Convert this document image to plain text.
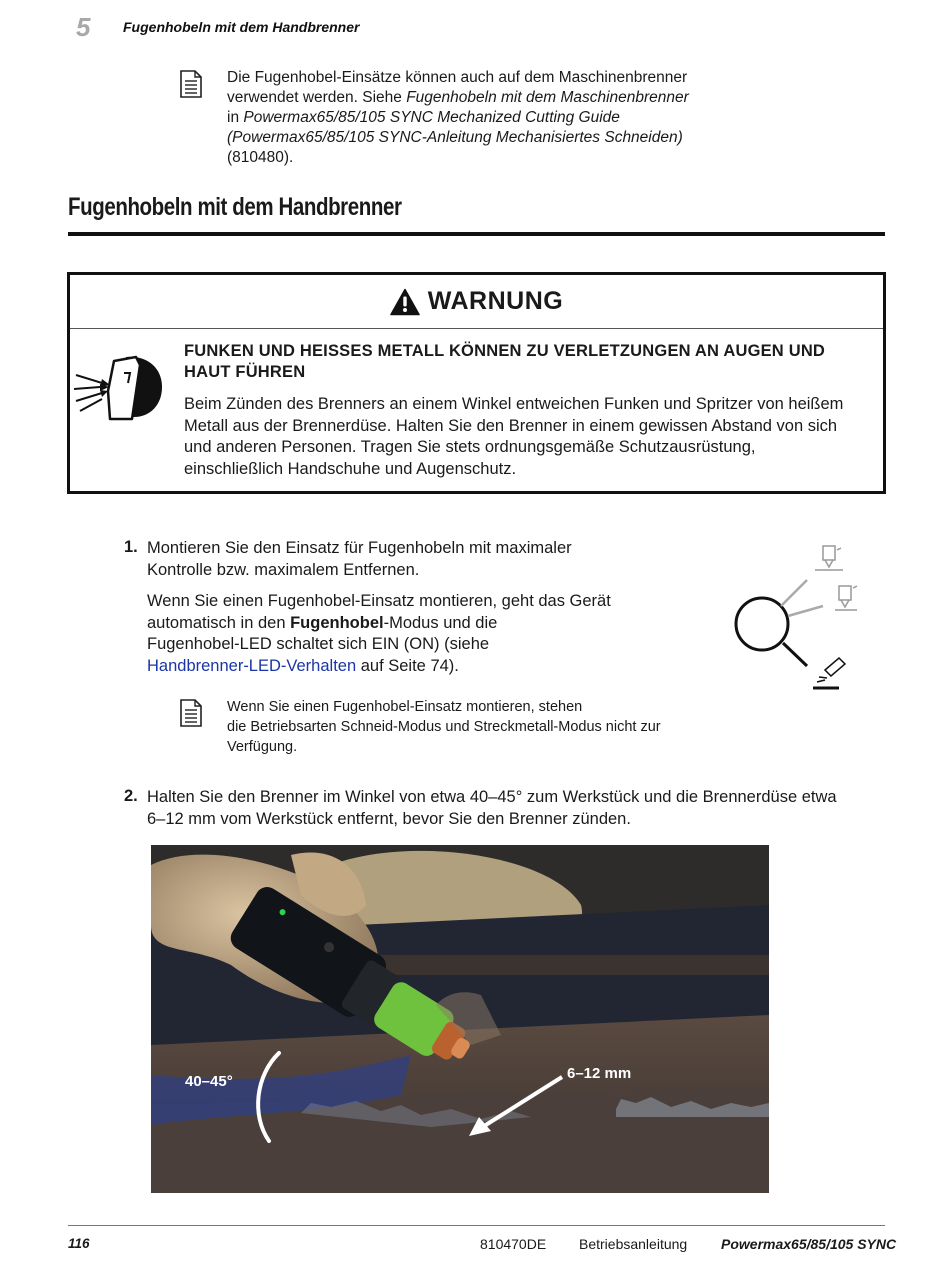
5 Fugenhobeln mit dem Handbrenner
Die Fugenhobel-Einsätze können auch auf dem Maschinenbrenner
verwendet werden. Siehe Fugenhobeln mit dem Maschinenbrenner
in Powermax65/85/105 SYNC Mechanized Cutting Guide
(Powermax65/85/105 SYNC-Anleitung Mechanisiertes Schneiden)
(810480).
Fugenhobeln mit dem Handbrenner
WARNUNG
FUNKEN UND HEISSES METALL KÖNNEN ZU VERLETZUNGEN AN AUGEN UND
HAUT FÜHREN
Beim Zünden des Brenners an einem Winkel entweichen Funken und Spritzer von heißem
Metall aus der Brennerdüse. Halten Sie den Brenner in einem gewissen Abstand von sich
und anderen Personen. Tragen Sie stets ordnungsgemäße Schutzausrüstung,
einschließlich Handschuhe und Augenschutz.
1. Montieren Sie den Einsatz für Fugenhobeln mit maximaler
Kontrolle bzw. maximalem Entfernen.
Wenn Sie einen Fugenhobel-Einsatz montieren, geht das Gerät
automatisch in den Fugenhobel-Modus und die
Fugenhobel-LED schaltet sich EIN (ON) (siehe
Handbrenner-LED-Verhalten auf Seite 74).
Wenn Sie einen Fugenhobel-Einsatz montieren, stehen
die Betriebsarten Schneid-Modus und Streckmetall-Modus nicht zur
Verfügung.
2. Halten Sie den Brenner im Winkel von etwa 40–45° zum Werkstück und die Brennerdüse etwa
6–12 mm vom Werkstück entfernt, bevor Sie den Brenner zünden.
40–45°	6–12 mm
116	810470DE Betriebsanleitung Powermax65/85/105 SYNC
